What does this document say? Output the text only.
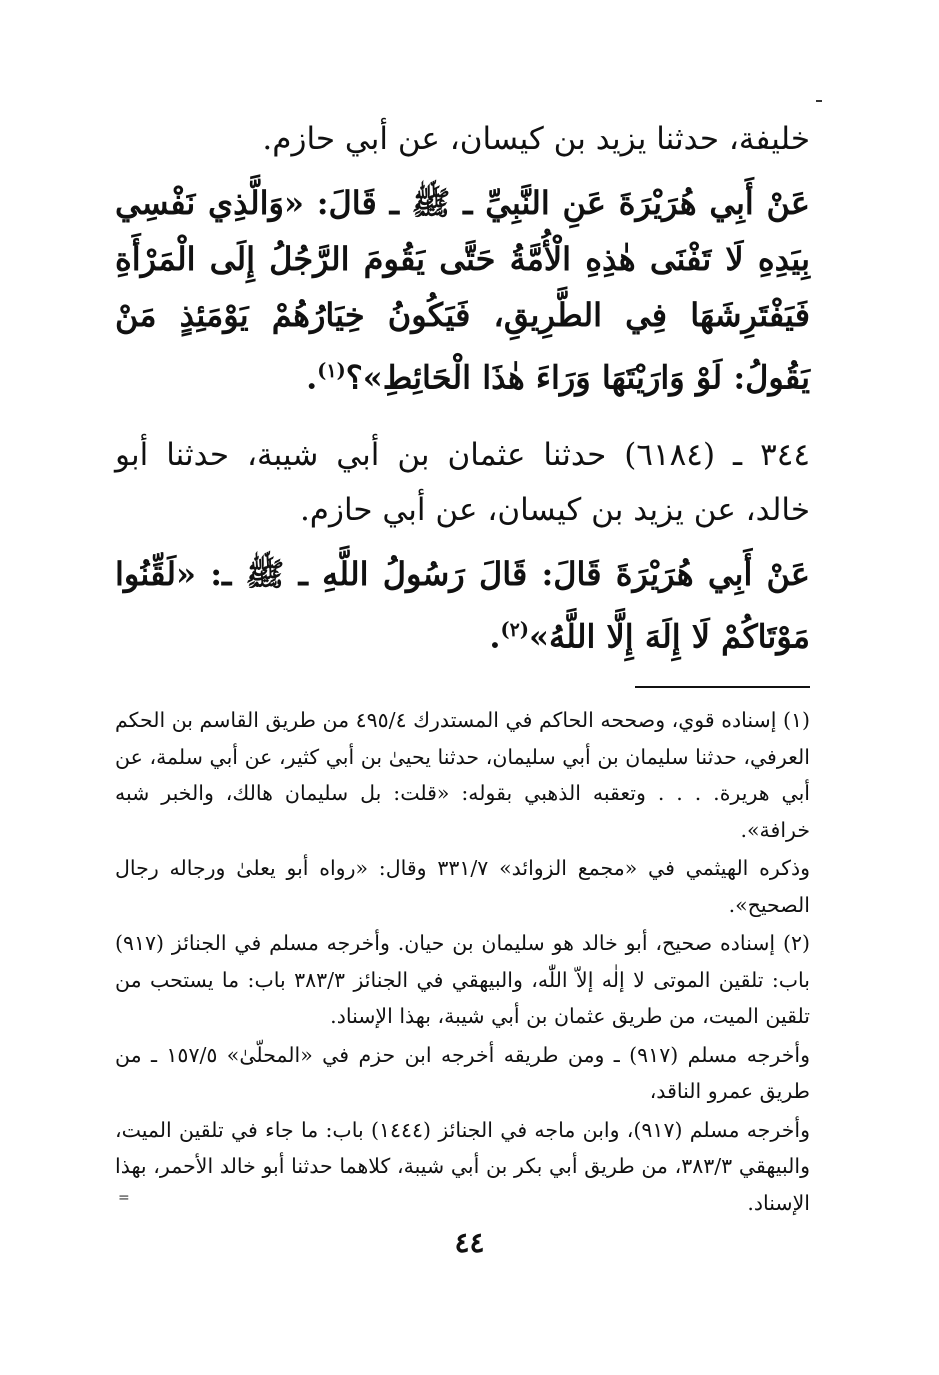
خليفة، حدثنا يزيد بن كيسان، عن أبي حازم.

عَنْ أَبِي هُرَيْرَةَ عَنِ النَّبِيِّ ـ ﷺ ـ قَالَ: «وَالَّذِي نَفْسِي بِيَدِهِ لَا تَفْنَى هٰذِهِ الْأُمَّةُ حَتَّى يَقُومَ الرَّجُلُ إِلَى الْمَرْأَةِ فَيَفْتَرِشَهَا فِي الطَّرِيقِ، فَيَكُونُ خِيَارُهُمْ يَوْمَئِذٍ مَنْ يَقُولُ: لَوْ وَارَيْتَهَا وَرَاءَ هٰذَا الْحَائِطِ»؟$^{(١)}$.

٣٤٤ ـ (٦١٨٤) حدثنا عثمان بن أبي شيبة، حدثنا أبو خالد، عن يزيد بن كيسان، عن أبي حازم.

عَنْ أَبِي هُرَيْرَةَ قَالَ: قَالَ رَسُولُ اللَّهِ ـ ﷺ ـ: «لَقِّنُوا مَوْتَاكُمْ لَا إِلَهَ إِلَّا اللَّهُ»$^{(٢)}$.

(١) إسناده قوي، وصححه الحاكم في المستدرك ٤٩٥/٤ من طريق القاسم بن الحكم العرفي، حدثنا سليمان بن أبي سليمان، حدثنا يحيىٰ بن أبي كثير، عن أبي سلمة، عن أبي هريرة. . . . وتعقبه الذهبي بقوله: «قلت: بل سليمان هالك، والخبر شبه خرافة».

وذكره الهيثمي في «مجمع الزوائد» ٣٣١/٧ وقال: «رواه أبو يعلىٰ ورجاله رجال الصحيح».

(٢) إسناده صحيح، أبو خالد هو سليمان بن حيان. وأخرجه مسلم في الجنائز (٩١٧) باب: تلقين الموتى لا إلٰه إلاّ اللّٰه، والبيهقي في الجنائز ٣٨٣/٣ باب: ما يستحب من تلقين الميت، من طريق عثمان بن أبي شيبة، بهذا الإسناد.

وأخرجه مسلم (٩١٧) ـ ومن طريقه أخرجه ابن حزم في «المحلّىٰ» ١٥٧/٥ ـ من طريق عمرو الناقد،

وأخرجه مسلم (٩١٧)، وابن ماجه في الجنائز (١٤٤٤) باب: ما جاء في تلقين الميت، والبيهقي ٣٨٣/٣، من طريق أبي بكر بن أبي شيبة، كلاهما حدثنا أبو خالد الأحمر، بهذا الإسناد.

=
٤٤
